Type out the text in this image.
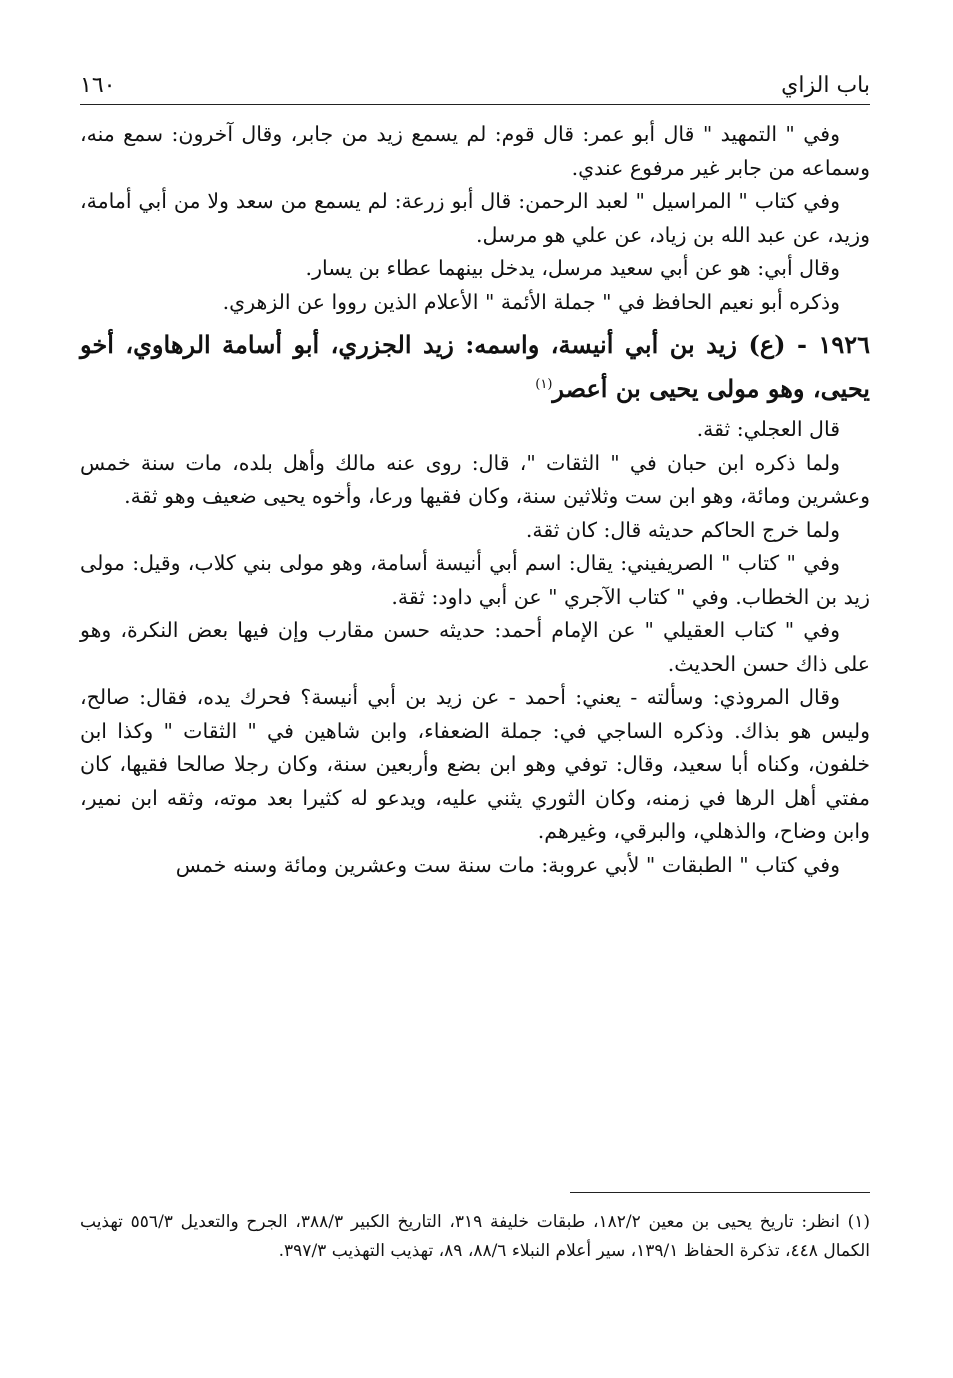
باب الزاي
١٦٠

وفي " التمهيد " قال أبو عمر: قال قوم: لم يسمع زيد من جابر، وقال آخرون: سمع منه، وسماعه من جابر غير مرفوع عندي.

وفي كتاب " المراسيل " لعبد الرحمن: قال أبو زرعة: لم يسمع من سعد ولا من أبي أمامة، وزيد، عن عبد الله بن زياد، عن علي هو مرسل.

وقال أبي: هو عن أبي سعيد مرسل، يدخل بينهما عطاء بن يسار.

وذكره أبو نعيم الحافظ في " جملة الأئمة " الأعلام الذين رووا عن الزهري.

١٩٢٦ - (ع) زيد بن أبي أنيسة، واسمه: زيد الجزري، أبو أسامة الرهاوي، أخو يحيى، وهو مولى يحيى بن أعصر$^{(١)}$

قال العجلي: ثقة.

ولما ذكره ابن حبان في " الثقات "، قال: روى عنه مالك وأهل بلده، مات سنة خمس وعشرين ومائة، وهو ابن ست وثلاثين سنة، وكان فقيها ورعا، وأخوه يحيى ضعيف وهو ثقة.

ولما خرج الحاكم حديثه قال: كان ثقة.

وفي " كتاب " الصريفيني: يقال: اسم أبي أنيسة أسامة، وهو مولى بني كلاب، وقيل: مولى زيد بن الخطاب. وفي " كتاب الآجري " عن أبي داود: ثقة.

وفي " كتاب العقيلي " عن الإمام أحمد: حديثه حسن مقارب وإن فيها بعض النكرة، وهو على ذاك حسن الحديث.

وقال المروذي: وسألته - يعني: أحمد - عن زيد بن أبي أنيسة؟ فحرك يده، فقال: صالح، وليس هو بذاك. وذكره الساجي في: جملة الضعفاء، وابن شاهين في " الثقات " وكذا ابن خلفون، وكناه أبا سعيد، وقال: توفي وهو ابن بضع وأربعين سنة، وكان رجلا صالحا فقيها، كان مفتي أهل الرها في زمنه، وكان الثوري يثني عليه، ويدعو له كثيرا بعد موته، وثقه ابن نمير، وابن وضاح، والذهلي، والبرقي، وغيرهم.

وفي كتاب " الطبقات " لأبي عروبة: مات سنة ست وعشرين ومائة وسنه خمس

(١) انظر: تاريخ يحيى بن معين ١٨٢/٢، طبقات خليفة ٣١٩، التاريخ الكبير ٣٨٨/٣، الجرح والتعديل ٥٥٦/٣ تهذيب الكمال ٤٤٨، تذكرة الحفاظ ١٣٩/١، سير أعلام النبلاء ٨٨/٦، ٨٩، تهذيب التهذيب ٣٩٧/٣.
